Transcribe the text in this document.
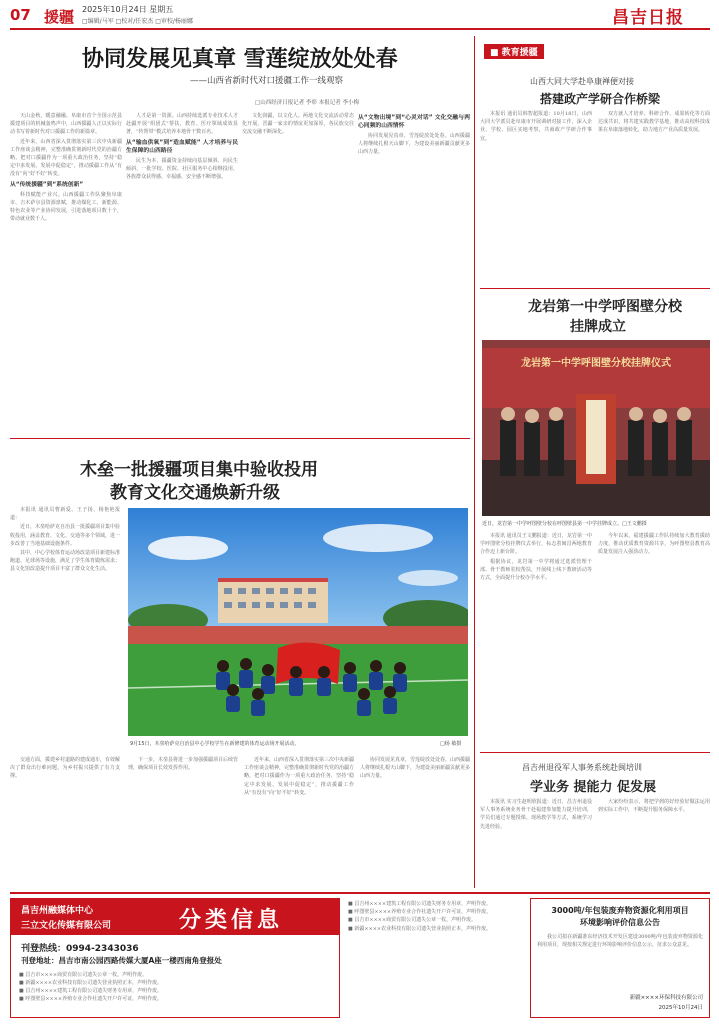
07 援疆 2025年10月24日 星期五
□编辑/马军 □校对/任宏杰 □审校/杨丽娜	昌吉日报
协同发展见真章 雪莲绽放处处春
——山西省新时代对口援疆工作一线观察
□山西经济日报记者 李彰 本报记者 李小梅

天山金秋，暖意融融。阜康市首个全国示范县援建项目的机械轰鸣声中，山西援疆人正以实际行动书写着新时代对口援疆工作的新篇章。

近年来，山西省深入贯彻落实第三次中央新疆工作座谈会精神，完整准确贯彻新时代党的治疆方略，把对口援疆作为一项重大政治任务，坚持“稳定中求发展、发展中促稳定”，推动援疆工作从“有没有”向“好不好”转变。

从“传统援疆”到“系统创新”

科技赋能产业兴。山西援疆工作队聚焦阜康市、吉木萨尔县资源禀赋，推动煤化工、新能源、特色农业等产业协同发展，引进落地项目数十个，带动就业数千人。

人才是第一资源。山西持续选派专业技术人才赴疆开展“组团式”帮扶，教育、医疗领域成效显著，“传帮带”模式培养本地骨干数百名。

从“输血供氧”到“造血赋能” 人才培养与民生保障的山西路径

民生为本，援疆资金持续向基层倾斜、向民生倾斜，一批学校、医院、社区服务中心相继投用，各族群众获得感、幸福感、安全感不断增强。

文化润疆，以文化人。两地文化交流活动常态化开展，晋疆一家亲的情谊更加深厚，各民族交往交流交融不断深化。

从“文物出境”到“心灵对话” 文化交融与两心同频的山西情怀

协同发展见真章，雪莲绽放处处春。山西援疆人将继续扎根天山脚下，为建设美丽新疆贡献更多山西力量。

木垒一批援疆项目集中验收投用
教育文化交通焕新升级

本报讯 通讯员曹新爱、王子扬、杨艳艳报道：

近日，木垒哈萨克自治县一批援疆项目集中验收投用，涵盖教育、文化、交通等多个领域，进一步改善了当地基础设施条件。

其中，中心学校体育运动场改造项目新建标准跑道、足球场等设施，满足了学生体育锻炼需求；县文化馆改造提升项目丰富了群众文化生活。

9月15日，木垒哈萨克自治县中心学校学生在新修建的体育运动场开展活动。	□杨 敏摄

交通方面，援建乡村道路的建成通车，有效解决了群众出行难问题，为乡村振兴提供了有力支撑。

下一步，木垒县将进一步加强援疆项目后续管理，确保项目长效发挥作用。

近年来，山西省深入贯彻落实第三次中央新疆工作座谈会精神，完整准确贯彻新时代党的治疆方略，把对口援疆作为一项重大政治任务，坚持“稳定中求发展、发展中促稳定”，推动援疆工作从“有没有”向“好不好”转变。

协同发展见真章，雪莲绽放处处春。山西援疆人将继续扎根天山脚下，为建设美丽新疆贡献更多山西力量。

■ 教育援疆
山西大同大学赴阜康禅便对接
搭建政产学研合作桥梁

本报讯 通讯员韩智超报道：10月18日，山西大同大学派员赴阜康市开展调研对接工作，深入企业、学校、园区实地考察，共商政产学研合作事宜。

双方就人才培养、科研合作、成果转化等方面达成共识，将共建实践教学基地，推动高校科技成果在阜康落地转化，助力地方产业高质量发展。

龙岩第一中学呼图壁分校
挂牌成立
龙岩第一中学呼图壁分校挂牌仪式
近日，龙岩第一中学呼图壁分校在呼图壁县第一中学挂牌成立。□王文鹏摄

本报讯 通讯员王文鹏报道：近日，龙岩第一中学呼图壁分校挂牌仪式举行，标志着闽昌两地教育合作迈上新台阶。

根据协议，龙岩第一中学将通过选派管理干部、骨干教师驻校帮扶，开展线上线下教研活动等方式，全面提升分校办学水平。

今年以来，福建援疆工作队持续加大教育援助力度，推动优质教育资源共享，为呼图壁县教育高质量发展注入强劲动力。

昌吉州退役军人事务系统赴闽培训
学业务 提能力 促发展

本报讯 实习生赵明欣报道：近日，昌吉州退役军人事务系统业务骨干赴福建参加能力提升培训，学员们通过专题授课、现场教学等方式，系统学习先进经验。

大家纷纷表示，将把学到的好经验好做法运用到实际工作中，不断提升服务保障水平。

昌吉州融媒体中心
三立文化传媒有限公司	分类信息
刊登热线：0994-2343036
刊登地址：昌吉市南公园西路传媒大厦A座一楼西南角登报处
■ 昌吉市××××商贸有限公司遗失公章一枚，声明作废。
■ 新疆××××农业科技有限公司遗失营业执照正本，声明作废。
■ 昌吉州××××建筑工程有限公司遗失财务专用章，声明作废。
■ 呼图壁县××××养殖专业合作社遗失开户许可证，声明作废。
3000吨/年包装废弃物资源化利用项目
环境影响评价信息公告
我公司拟在新疆准东经济技术开发区建设3000吨/年包装废弃物资源化利用项目，现按相关规定进行环境影响评价信息公示，征求公众意见。
新疆××××环保科技有限公司
2025年10月24日
■ 昌吉州××××建筑工程有限公司遗失财务专用章，声明作废。
■ 呼图壁县××××养殖专业合作社遗失开户许可证，声明作废。
■ 昌吉市××××商贸有限公司遗失公章一枚，声明作废。
■ 新疆××××农业科技有限公司遗失营业执照正本，声明作废。
